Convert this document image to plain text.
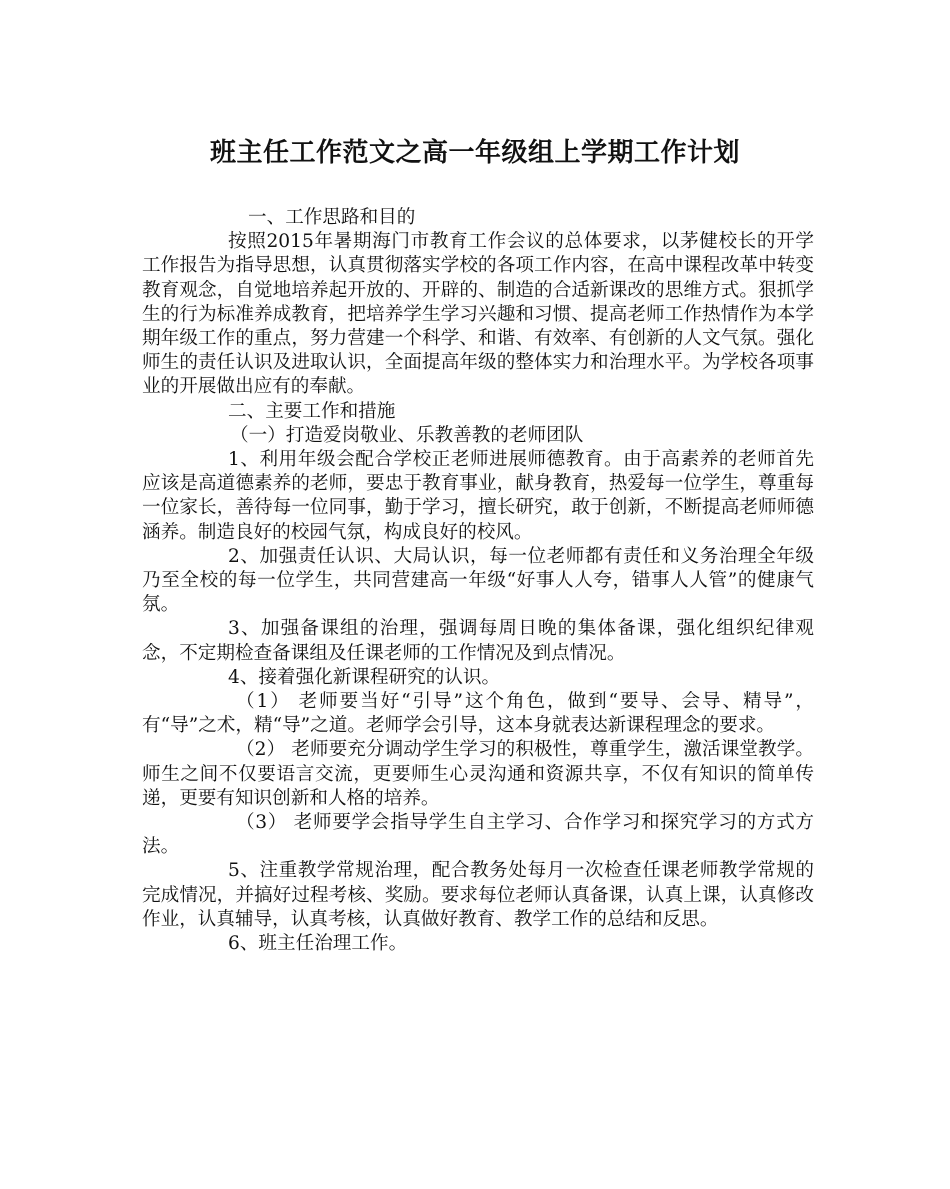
班主任工作范文之高一年级组上学期工作计划

一、工作思路和目的

按照2015年暑期海门市教育工作会议的总体要求，以茅健校长的开学工作报告为指导思想，认真贯彻落实学校的各项工作内容，在高中课程改革中转变教育观念，自觉地培养起开放的、开辟的、制造的合适新课改的思维方式。狠抓学生的行为标准养成教育，把培养学生学习兴趣和习惯、提高老师工作热情作为本学期年级工作的重点，努力营建一个科学、和谐、有效率、有创新的人文气氛。强化师生的责任认识及进取认识，全面提高年级的整体实力和治理水平。为学校各项事业的开展做出应有的奉献。

二、主要工作和措施

（一）打造爱岗敬业、乐教善教的老师团队

1、利用年级会配合学校正老师进展师德教育。由于高素养的老师首先应该是高道德素养的老师，要忠于教育事业，献身教育，热爱每一位学生，尊重每一位家长，善待每一位同事，勤于学习，擅长研究，敢于创新，不断提高老师师德涵养。制造良好的校园气氛，构成良好的校风。

2、加强责任认识、大局认识，每一位老师都有责任和义务治理全年级乃至全校的每一位学生，共同营建高一年级“好事人人夸，错事人人管”的健康气氛。

3、加强备课组的治理，强调每周日晚的集体备课，强化组织纪律观念，不定期检查备课组及任课老师的工作情况及到点情况。

4、接着强化新课程研究的认识。

（1） 老师要当好“引导”这个角色，做到“要导、会导、精导”，有“导”之术，精“导”之道。老师学会引导，这本身就表达新课程理念的要求。

（2） 老师要充分调动学生学习的积极性，尊重学生，激活课堂教学。师生之间不仅要语言交流，更要师生心灵沟通和资源共享，不仅有知识的简单传递，更要有知识创新和人格的培养。

（3） 老师要学会指导学生自主学习、合作学习和探究学习的方式方法。

5、注重教学常规治理，配合教务处每月一次检查任课老师教学常规的完成情况，并搞好过程考核、奖励。要求每位老师认真备课，认真上课，认真修改作业，认真辅导，认真考核，认真做好教育、教学工作的总结和反思。

6、班主任治理工作。
